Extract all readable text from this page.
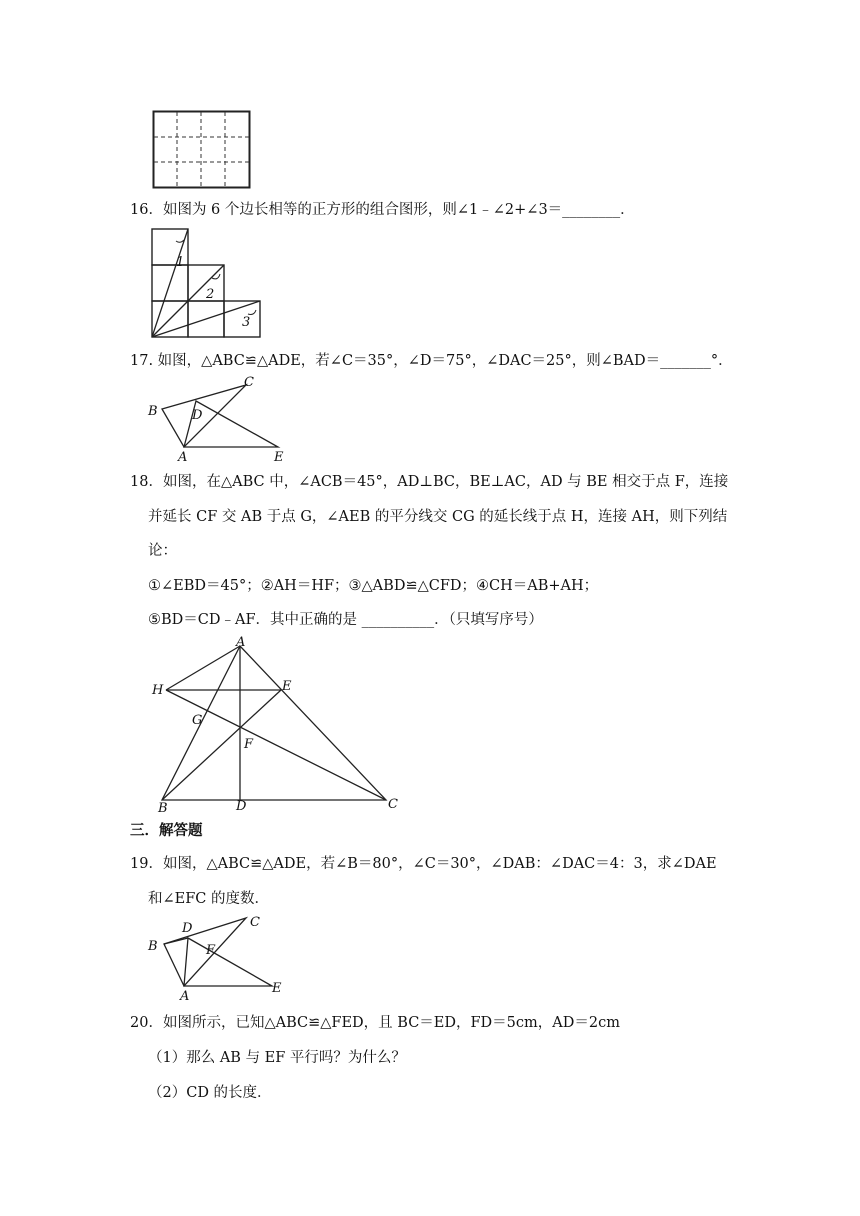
16．如图为 6 个边长相等的正方形的组合图形，则∠1﹣∠2+∠3＝________．
1
2
3
17. 如图，△ABC≌△ADE，若∠C＝35°，∠D＝75°，∠DAC＝25°，则∠BAD＝_______°．
C
B	D
A	E
18．如图，在△ABC 中，∠ACB＝45°，AD⊥BC，BE⊥AC，AD 与 BE 相交于点 F，连接
并延长 CF 交 AB 于点 G，∠AEB 的平分线交 CG 的延长线于点 H，连接 AH，则下列结
论：
①∠EBD＝45°；②AH＝HF；③△ABD≌△CFD；④CH＝AB+AH；
⑤BD＝CD﹣AF．其中正确的是 __________．（只填写序号）
A
H	E
G
F
B	D	C
三．解答题
19．如图，△ABC≌△ADE，若∠B＝80°，∠C＝30°，∠DAB：∠DAC＝4：3，求∠DAE
和∠EFC 的度数．
C
D
B	F
A
E
20．如图所示，已知△ABC≌△FED，且 BC＝ED，FD＝5cm，AD＝2cm
（1）那么 AB 与 EF 平行吗？为什么？
（2）CD 的长度．
